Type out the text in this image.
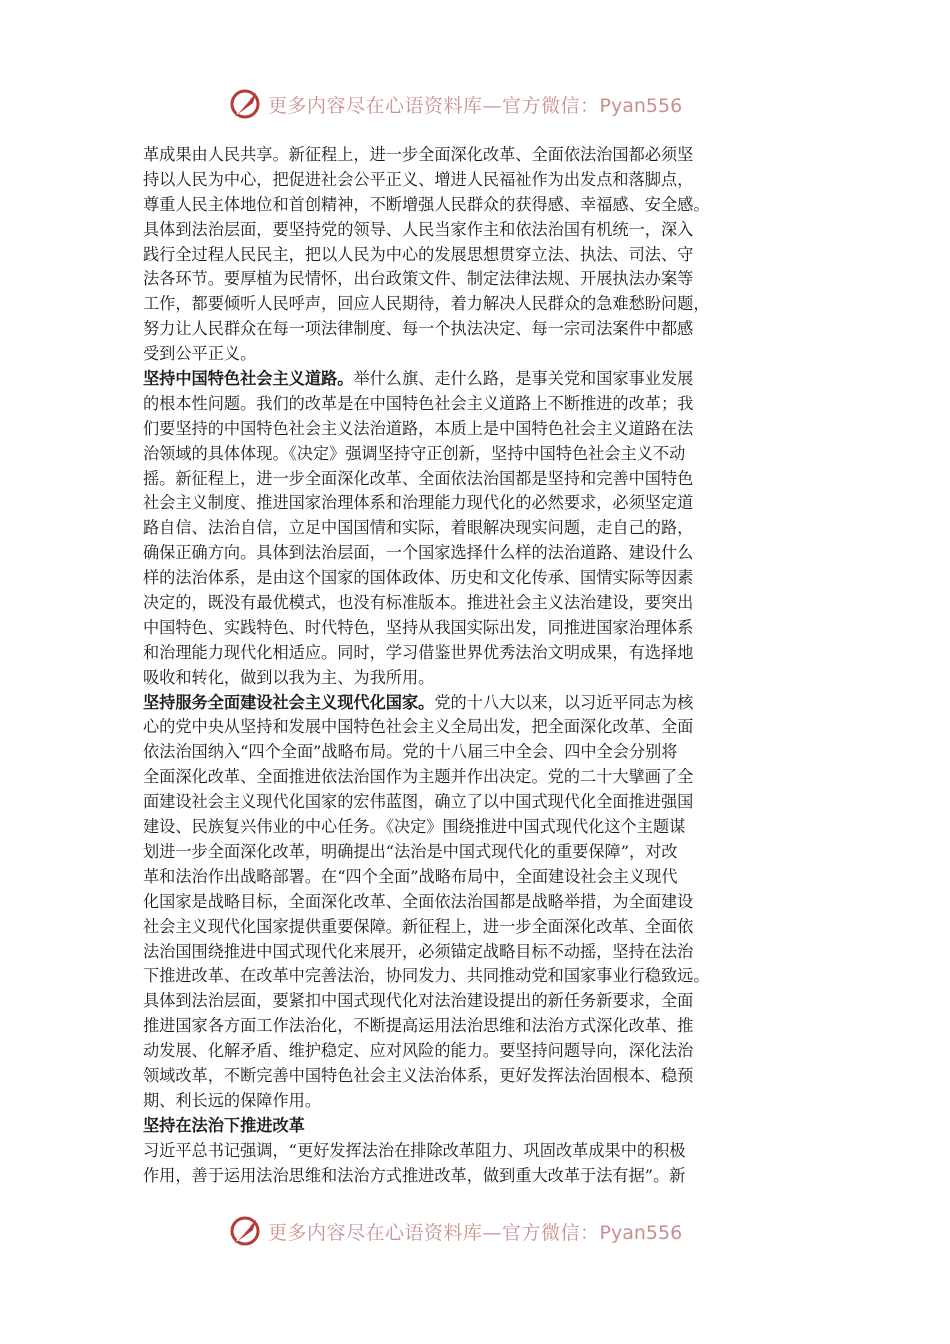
更多内容尽在心语资料库—官方微信：Pyan556
革成果由人民共享。新征程上，进一步全面深化改革、全面依法治国都必须坚
持以人民为中心，把促进社会公平正义、增进人民福祉作为出发点和落脚点，
尊重人民主体地位和首创精神，不断增强人民群众的获得感、幸福感、安全感。
具体到法治层面，要坚持党的领导、人民当家作主和依法治国有机统一，深入
践行全过程人民民主，把以人民为中心的发展思想贯穿立法、执法、司法、守
法各环节。要厚植为民情怀，出台政策文件、制定法律法规、开展执法办案等
工作，都要倾听人民呼声，回应人民期待，着力解决人民群众的急难愁盼问题，
努力让人民群众在每一项法律制度、每一个执法决定、每一宗司法案件中都感
受到公平正义。
坚持中国特色社会主义道路。举什么旗、走什么路，是事关党和国家事业发展
的根本性问题。我们的改革是在中国特色社会主义道路上不断推进的改革；我
们要坚持的中国特色社会主义法治道路，本质上是中国特色社会主义道路在法
治领域的具体体现。《决定》强调坚持守正创新，坚持中国特色社会主义不动
摇。新征程上，进一步全面深化改革、全面依法治国都是坚持和完善中国特色
社会主义制度、推进国家治理体系和治理能力现代化的必然要求，必须坚定道
路自信、法治自信，立足中国国情和实际，着眼解决现实问题，走自己的路，
确保正确方向。具体到法治层面，一个国家选择什么样的法治道路、建设什么
样的法治体系，是由这个国家的国体政体、历史和文化传承、国情实际等因素
决定的，既没有最优模式，也没有标准版本。推进社会主义法治建设，要突出
中国特色、实践特色、时代特色，坚持从我国实际出发，同推进国家治理体系
和治理能力现代化相适应。同时，学习借鉴世界优秀法治文明成果，有选择地
吸收和转化，做到以我为主、为我所用。
坚持服务全面建设社会主义现代化国家。党的十八大以来，以习近平同志为核
心的党中央从坚持和发展中国特色社会主义全局出发，把全面深化改革、全面
依法治国纳入“四个全面”战略布局。党的十八届三中全会、四中全会分别将
全面深化改革、全面推进依法治国作为主题并作出决定。党的二十大擘画了全
面建设社会主义现代化国家的宏伟蓝图，确立了以中国式现代化全面推进强国
建设、民族复兴伟业的中心任务。《决定》围绕推进中国式现代化这个主题谋
划进一步全面深化改革，明确提出“法治是中国式现代化的重要保障”，对改
革和法治作出战略部署。在“四个全面”战略布局中，全面建设社会主义现代
化国家是战略目标，全面深化改革、全面依法治国都是战略举措，为全面建设
社会主义现代化国家提供重要保障。新征程上，进一步全面深化改革、全面依
法治国围绕推进中国式现代化来展开，必须锚定战略目标不动摇，坚持在法治
下推进改革、在改革中完善法治，协同发力、共同推动党和国家事业行稳致远。
具体到法治层面，要紧扣中国式现代化对法治建设提出的新任务新要求，全面
推进国家各方面工作法治化，不断提高运用法治思维和法治方式深化改革、推
动发展、化解矛盾、维护稳定、应对风险的能力。要坚持问题导向，深化法治
领域改革，不断完善中国特色社会主义法治体系，更好发挥法治固根本、稳预
期、利长远的保障作用。
坚持在法治下推进改革
习近平总书记强调，“更好发挥法治在排除改革阻力、巩固改革成果中的积极
作用，善于运用法治思维和法治方式推进改革，做到重大改革于法有据”。新
更多内容尽在心语资料库—官方微信：Pyan556
